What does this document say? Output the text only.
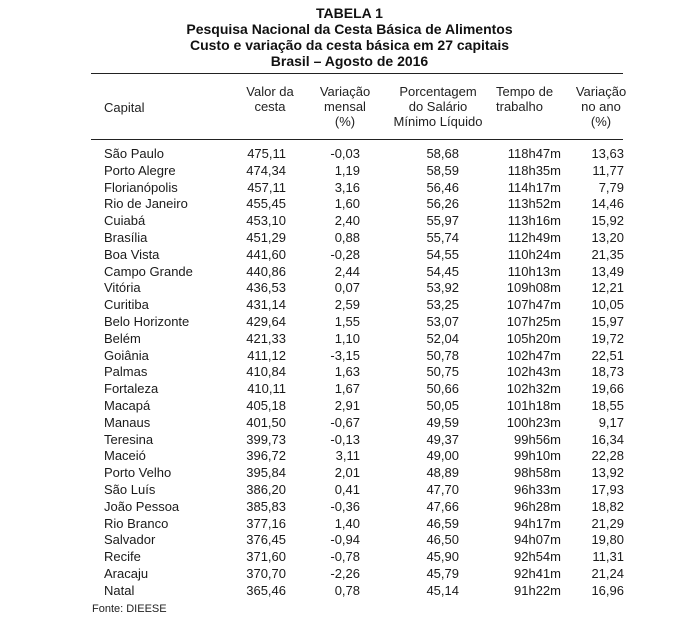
TABELA 1
Pesquisa Nacional da Cesta Básica de Alimentos
Custo e variação da cesta básica em 27 capitais
Brasil – Agosto de 2016
Capital
Valor da
cesta
Variação
mensal
(%)
Porcentagem
do Salário
Mínimo Líquido
Tempo de
trabalho
Variação
no ano
(%)
São Paulo	475,11	-0,03	58,68	118h47m 13,63
Porto Alegre	474,34	1,19	58,59	118h35m 11,77
Florianópolis	457,11	3,16	56,46	114h17m	7,79
Rio de Janeiro	455,45	1,60	56,26	113h52m 14,46
Cuiabá	453,10	2,40	55,97	113h16m 15,92
Brasília	451,29	0,88	55,74	112h49m 13,20
Boa Vista	441,60	-0,28	54,55	110h24m 21,35
Campo Grande	440,86	2,44	54,45	110h13m 13,49
Vitória	436,53	0,07	53,92	109h08m 12,21
Curitiba	431,14	2,59	53,25	107h47m 10,05
Belo Horizonte	429,64	1,55	53,07	107h25m 15,97
Belém	421,33	1,10	52,04	105h20m 19,72
Goiânia	411,12	-3,15	50,78	102h47m 22,51
Palmas	410,84	1,63	50,75	102h43m 18,73
Fortaleza	410,11	1,67	50,66	102h32m 19,66
Macapá	405,18	2,91	50,05	101h18m 18,55
Manaus	401,50	-0,67	49,59	100h23m	9,17
Teresina	399,73	-0,13	49,37	99h56m 16,34
Maceió	396,72	3,11	49,00	99h10m 22,28
Porto Velho	395,84	2,01	48,89	98h58m 13,92
São Luís	386,20	0,41	47,70	96h33m 17,93
João Pessoa	385,83	-0,36	47,66	96h28m 18,82
Rio Branco	377,16	1,40	46,59	94h17m 21,29
Salvador	376,45	-0,94	46,50	94h07m 19,80
Recife	371,60	-0,78	45,90	92h54m 11,31
Aracaju	370,70	-2,26	45,79	92h41m 21,24
Natal	365,46	0,78	45,14	91h22m 16,96
Fonte: DIEESE
